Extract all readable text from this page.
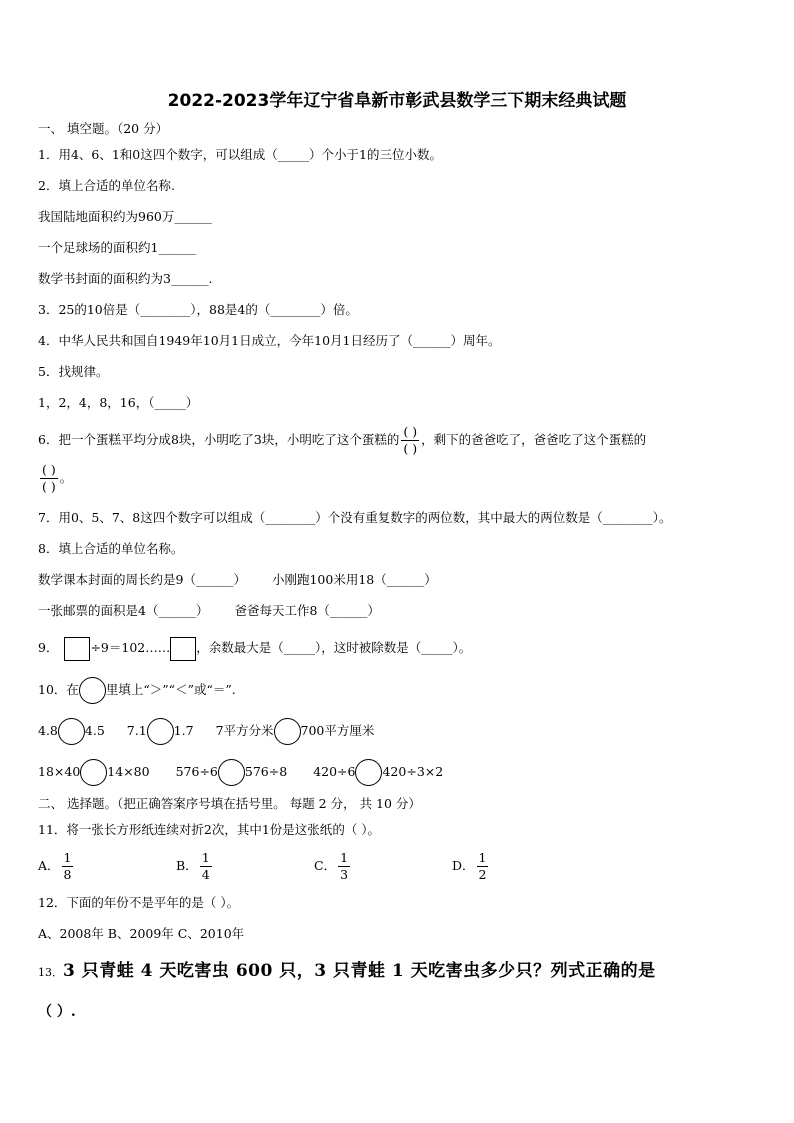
2022-2023学年辽宁省阜新市彰武县数学三下期末经典试题
一、 填空题。（20 分）
1．用4、6、1和0这四个数字，可以组成（_____）个小于1的三位小数。
2．填上合适的单位名称.
我国陆地面积约为960万______
一个足球场的面积约1______
数学书封面的面积约为3______.
3．25的10倍是（________），88是4的（________）倍。
4．中华人民共和国自1949年10月1日成立，今年10月1日经历了（______）周年。
5．找规律。
1，2，4，8，16，（_____）
6．把一个蛋糕平均分成8块，小明吃了3块，小明吃了这个蛋糕的 $\frac{( )}{( )}$ ，剩下的爸爸吃了，爸爸吃了这个蛋糕的
$\frac{( )}{( )}$ 。
7．用0、5、7、8这四个数字可以组成（________）个没有重复数字的两位数，其中最大的两位数是（________）。
8．填上合适的单位名称。
数学课本封面的周长约是9（______） 小刚跑100米用18（______）
一张邮票的面积是4（______） 爸爸每天工作8（______）
9．	÷9＝102…… ，余数最大是（_____），这时被除数是（_____）。
10．在 里填上“＞”“＜”或“＝”.
4.8 4.5 7.1 1.7 7平方分米 700平方厘米
18×40 14×80 576÷6 576÷8 420÷6 420÷3×2
二、 选择题。（把正确答案序号填在括号里。 每题 2 分， 共 10 分）
11．将一张长方形纸连续对折2次，其中1份是这张纸的（ ）。
A． $\frac{1}{8}$	B． $\frac{1}{4}$	C． $\frac{1}{3}$	D． $\frac{1}{2}$
12．下面的年份不是平年的是（ ）。
A、2008年 B、2009年 C、2010年
13．3 只青蛙 4 天吃害虫 600 只，3 只青蛙 1 天吃害虫多少只？列式正确的是
（ ）.
